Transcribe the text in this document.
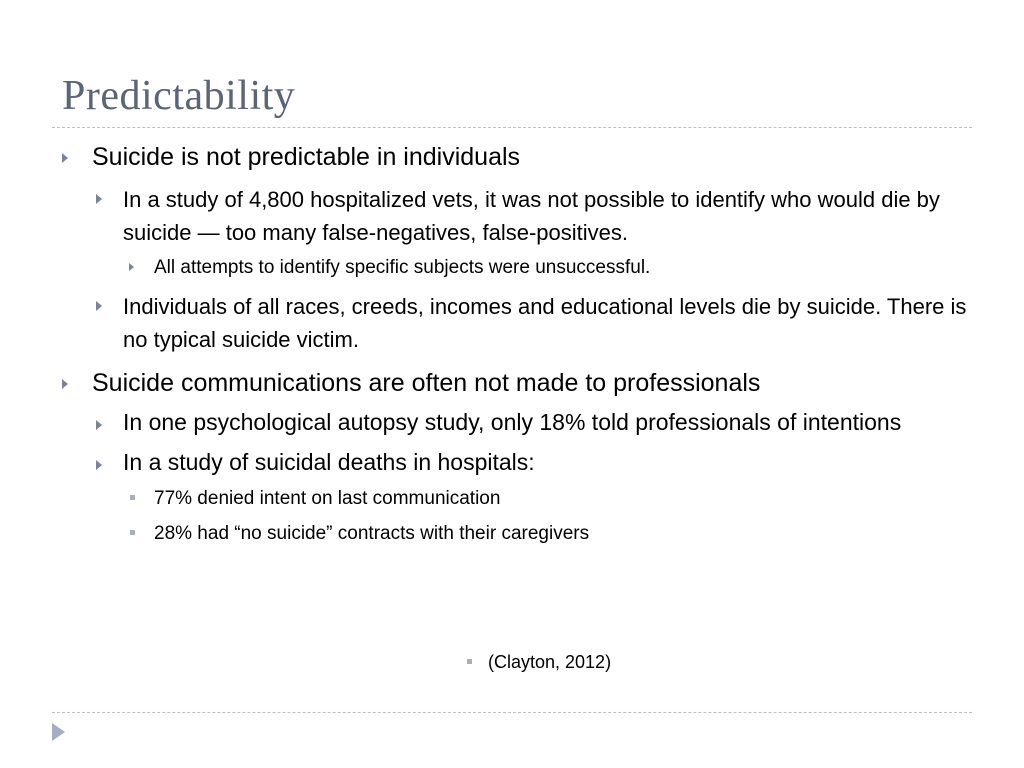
Predictability
Suicide is not predictable in individuals
In a study of 4,800 hospitalized vets, it was not possible to identify who would die by suicide — too many false-negatives, false-positives.
All attempts to identify specific subjects were unsuccessful.
Individuals of all races, creeds, incomes and educational levels die by suicide. There is no typical suicide victim.
Suicide communications are often not made to professionals
In one psychological autopsy study, only 18% told professionals of intentions
In a study of suicidal deaths in hospitals:
77% denied intent on last communication
28% had “no suicide” contracts with their caregivers
(Clayton, 2012)
